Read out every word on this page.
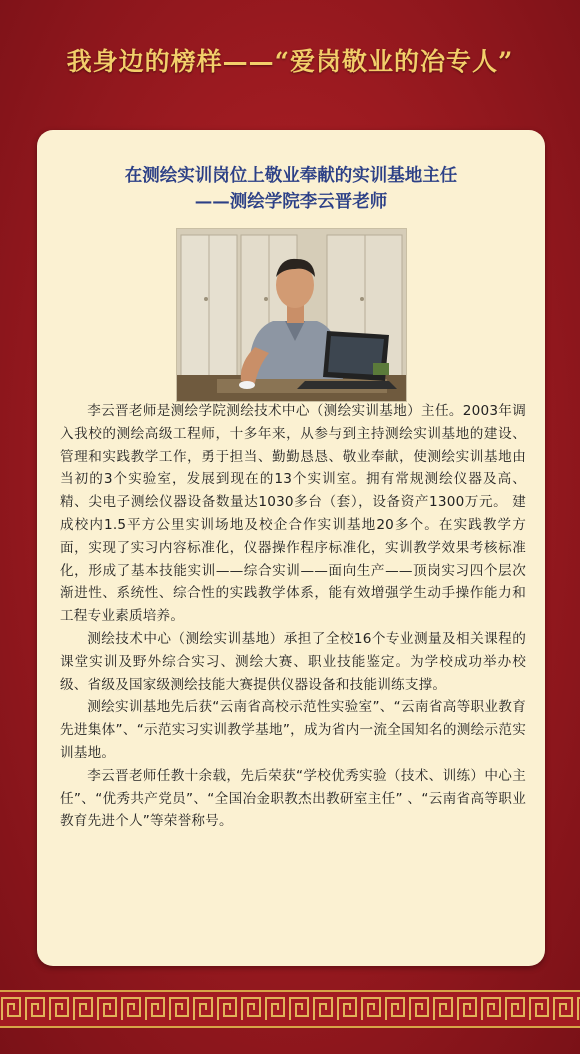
我身边的榜样——“爱岗敬业的冶专人”
在测绘实训岗位上敬业奉献的实训基地主任
——测绘学院李云晋老师

李云晋老师是测绘学院测绘技术中心（测绘实训基地）主任。2003年调入我校的测绘高级工程师，十多年来，从参与到主持测绘实训基地的建设、管理和实践教学工作，勇于担当、勤勤恳恳、敬业奉献，使测绘实训基地由当初的3个实验室，发展到现在的13个实训室。拥有常规测绘仪器及高、精、尖电子测绘仪器设备数量达1030多台（套），设备资产1300万元。 建成校内1.5平方公里实训场地及校企合作实训基地20多个。在实践教学方面，实现了实习内容标准化，仪器操作程序标准化，实训教学效果考核标准化，形成了基本技能实训——综合实训——面向生产——顶岗实习四个层次渐进性、系统性、综合性的实践教学体系，能有效增强学生动手操作能力和工程专业素质培养。

测绘技术中心（测绘实训基地）承担了全校16个专业测量及相关课程的课堂实训及野外综合实习、测绘大赛、职业技能鉴定。为学校成功举办校级、省级及国家级测绘技能大赛提供仪器设备和技能训练支撑。

测绘实训基地先后获“云南省高校示范性实验室”、“云南省高等职业教育先进集体”、“示范实习实训教学基地”，成为省内一流全国知名的测绘示范实训基地。

李云晋老师任教十余载，先后荣获“学校优秀实验（技术、训练）中心主任”、“优秀共产党员”、“全国冶金职教杰出教研室主任” 、“云南省高等职业教育先进个人”等荣誉称号。
